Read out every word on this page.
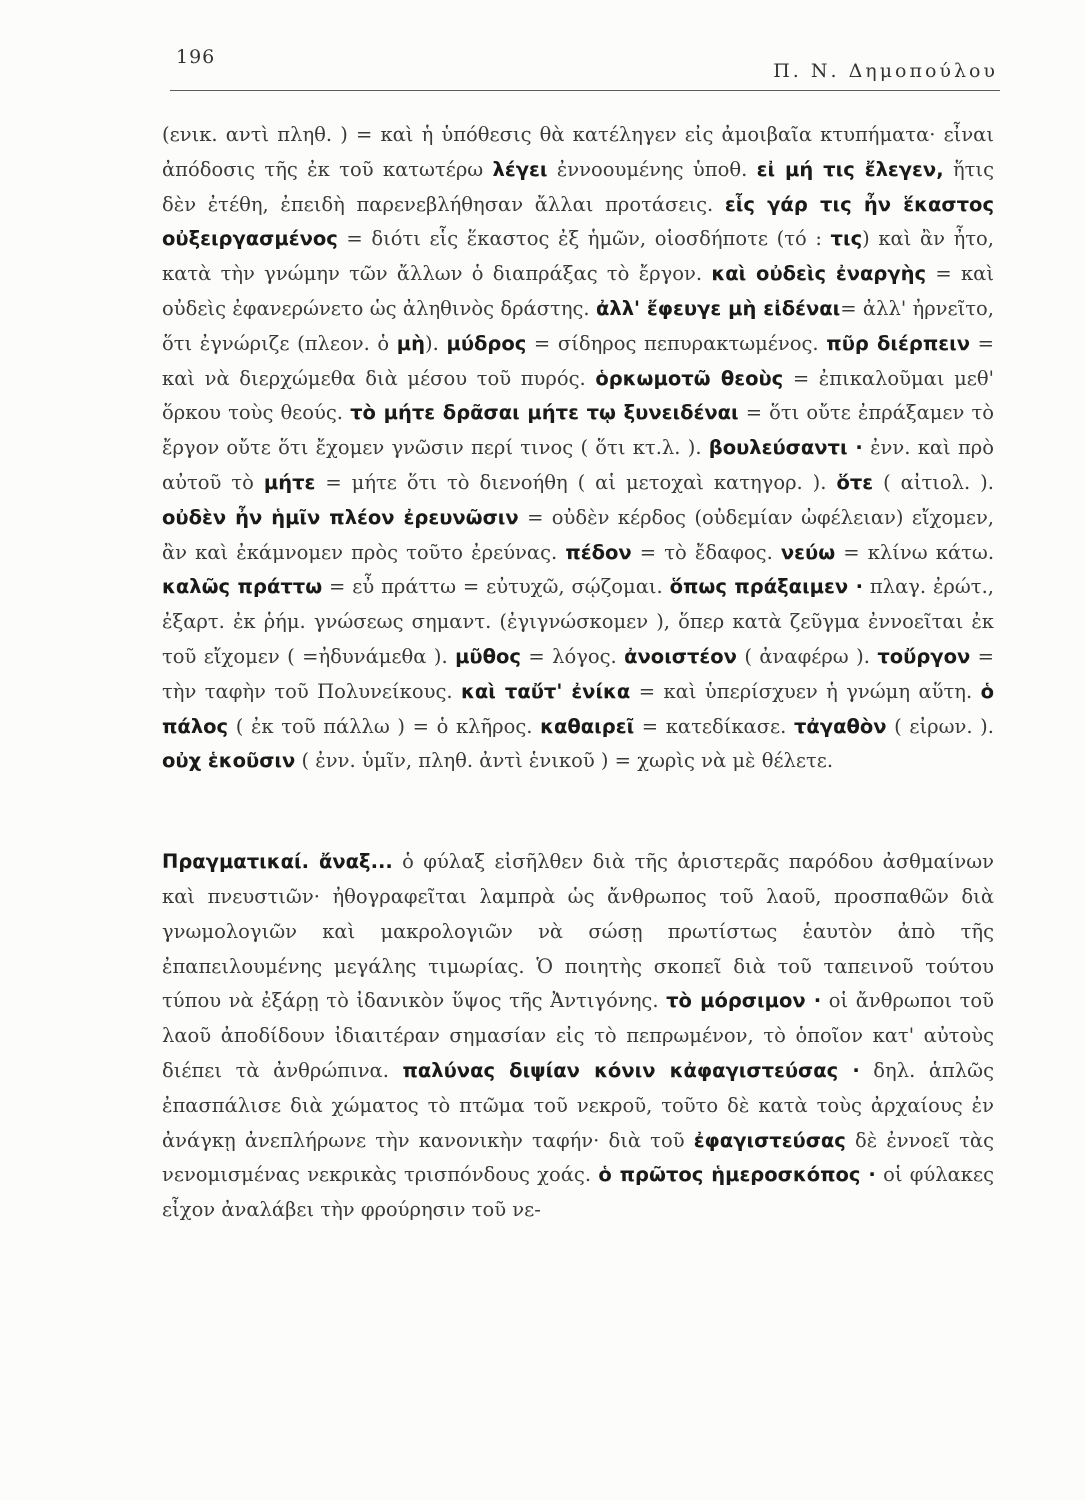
196
Π. Ν. Δημοπούλου

(ενικ. αντὶ πληθ. ) = καὶ ἡ ὑπόθεσις θὰ κατέληγεν εἰς ἀμοιβαῖα κτυπήματα· εἶναι ἀπόδοσις τῆς ἐκ τοῦ κατωτέρω λέγει ἐννοουμένης ὑποθ. εἰ μή τις ἔλεγεν, ἥτις δὲν ἐτέθη, ἐπειδὴ παρενεβλήθησαν ἄλλαι προτάσεις. εἷς γάρ τις ἦν ἕκαστος οὐξειργασμένος = διότι εἷς ἕκαστος ἐξ ἡμῶν, οἱοσδήποτε (τό : τις) καὶ ἂν ἦτο, κατὰ τὴν γνώμην τῶν ἄλλων ὁ διαπράξας τὸ ἔργον. καὶ οὐδεὶς ἐναργὴς = καὶ οὐδεὶς ἐφανερώνετο ὡς ἀληθινὸς δράστης. ἀλλ' ἔφευγε μὴ εἰδέναι= ἀλλ' ἠρνεῖτο, ὅτι ἐγνώριζε (πλεον. ὁ μὴ). μύδρος = σίδηρος πεπυρακτωμένος. πῦρ διέρπειν = καὶ νὰ διερχώμεθα διὰ μέσου τοῦ πυρός. ὁρκωμοτῶ θεοὺς = ἐπικαλοῦμαι μεθ' ὅρκου τοὺς θεούς. τὸ μήτε δρᾶσαι μήτε τῳ ξυνειδέναι = ὅτι οὔτε ἐπράξαμεν τὸ ἔργον οὔτε ὅτι ἔχομεν γνῶσιν περί τινος ( ὅτι κτ.λ. ). βουλεύσαντι · ἐνν. καὶ πρὸ αὐτοῦ τὸ μήτε = μήτε ὅτι τὸ διενοήθη ( αἱ μετοχαὶ κατηγορ. ). ὅτε ( αἰτιολ. ). οὐδὲν ἦν ἡμῖν πλέον ἐρευνῶσιν = οὐδὲν κέρδος (οὐδεμίαν ὠφέλειαν) εἴχομεν, ἂν καὶ ἐκάμνομεν πρὸς τοῦτο ἐρεύνας. πέδον = τὸ ἔδαφος. νεύω = κλίνω κάτω. καλῶς πράττω = εὖ πράττω = εὐτυχῶ, σῴζομαι. ὅπως πράξαιμεν · πλαγ. ἐρώτ., ἐξαρτ. ἐκ ῥήμ. γνώσεως σημαντ. (ἐγιγνώσκομεν ), ὅπερ κατὰ ζεῦγμα ἐννοεῖται ἐκ τοῦ εἴχομεν ( =ἠδυνάμεθα ). μῦθος = λόγος. ἀνοιστέον ( ἀναφέρω ). τοὔργον = τὴν ταφὴν τοῦ Πολυνείκους. καὶ ταὔτ' ἐνίκα = καὶ ὑπερίσχυεν ἡ γνώμη αὕτη. ὁ πάλος ( ἐκ τοῦ πάλλω ) = ὁ κλῆρος. καθαιρεῖ = κατεδίκασε. τἀγαθὸν ( εἰρων. ). οὐχ ἑκοῦσιν ( ἐνν. ὑμῖν, πληθ. ἀντὶ ἑνικοῦ ) = χωρὶς νὰ μὲ θέλετε.

Πραγματικαί. ἄναξ... ὁ φύλαξ εἰσῆλθεν διὰ τῆς ἀριστερᾶς παρόδου ἀσθμαίνων καὶ πνευστιῶν· ἠθογραφεῖται λαμπρὰ ὡς ἄνθρωπος τοῦ λαοῦ, προσπαθῶν διὰ γνωμολογιῶν καὶ μακρολογιῶν νὰ σώσῃ πρωτίστως ἑαυτὸν ἀπὸ τῆς ἐπαπειλουμένης μεγάλης τιμωρίας. Ὁ ποιητὴς σκοπεῖ διὰ τοῦ ταπεινοῦ τούτου τύπου νὰ ἐξάρῃ τὸ ἰδανικὸν ὕψος τῆς Ἀντιγόνης. τὸ μόρσιμον · οἱ ἄνθρωποι τοῦ λαοῦ ἀποδίδουν ἰδιαιτέραν σημασίαν εἰς τὸ πεπρωμένον, τὸ ὁποῖον κατ' αὐτοὺς διέπει τὰ ἀνθρώπινα. παλύνας διψίαν κόνιν κἀφαγιστεύσας · δηλ. ἁπλῶς ἐπασπάλισε διὰ χώματος τὸ πτῶμα τοῦ νεκροῦ, τοῦτο δὲ κατὰ τοὺς ἀρχαίους ἐν ἀνάγκῃ ἀνεπλήρωνε τὴν κανονικὴν ταφήν· διὰ τοῦ ἐφαγιστεύσας δὲ ἐννοεῖ τὰς νενομισμένας νεκρικὰς τρισπόνδους χοάς. ὁ πρῶτος ἡμεροσκόπος · οἱ φύλακες εἶχον ἀναλάβει τὴν φρούρησιν τοῦ νε-
